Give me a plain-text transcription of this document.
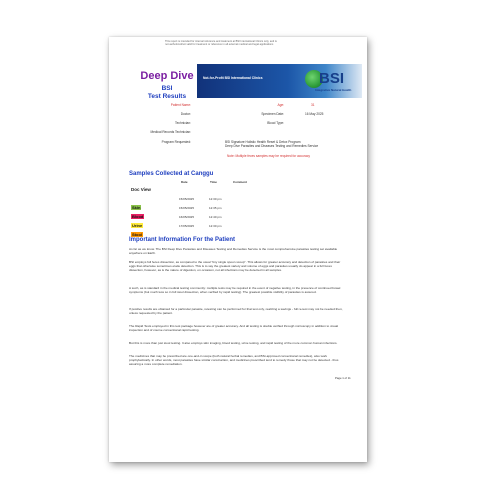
This report is intended for internal reference and treatment at BSI International Clinics only, and is
not authorized/not valid for treatment or reference in all external medical and legal applications
Deep Dive
BSI
Test Results
Not-for-Profit BSI International Clinics	BSI
Integrative Natural Health
Patient Name:	Age:	31
Doctor:	Specimen Date:	16 May 2025
Technician:	Blood Type:
Medical Records Technician:
Program Requested:	BSI Signature Holistic Health Reset & Detox Program
Deep Dive Parasites and Diseases Testing and Remedies Service
Note: Multiple feces samples may be required for accuracy
Samples Collected at Canggu
Date	Time	Comment
Doc View
Skin
15/05/2025	12:30 pm
Blood
15/05/2025	12:35 pm
Urine
16/05/2025	12:40 pm
Stool
17/05/2025	12:30 pm
Important Information For the Patient
As far as we know. The BSI Deep Dive Parasites and Diseases Testing and Remedies Service is the most comprehensive parasites testing set available anywhere on Earth.
BSI employs full feces dissection, as compared to the usual "tiny single spoon scoop". This allows for greater accuracy and detection of parasites and their eggs that otherwise sometimes elude detection. This is to say the greatest variety and volume of eggs and parasites usually do appear in a full feces dissection, however, as is the nature of digestion, on occasion, not all infections may be detected in all samples.
A such, as is standard in the medical testing community: multiple tests may be required in the event of negative testing, in the presence of continued bowel symptoms (but much less so in full stool dissection, when verified by rapid testing). The greatest possible visibility of parasites is assured.
If positive results are obtained for a particular parasite, retesting can be performed for that test only, realizing a savings - full re-test may not be needed then, unless requested by the patient.
The Rapid Tests employed in this test package however are of greater accuracy. And all testing is double verified through microscopy in addition to visual inspection and of course conventional rapid testing.
But this is more than just stool testing. It also employs skin imaging, blood testing, urine testing, and rapid testing of the more common human infections.
The medicines that may be prescribed are one-and-in scope (both natural herbal remedies, and BSI-approved conventional remedies), also work prophylactically. In other words, most parasites have similar construction, and medicines prescribed tend to remedy those that may not be detected - thus assuring a more complete remediation.
Page 1 of 11
